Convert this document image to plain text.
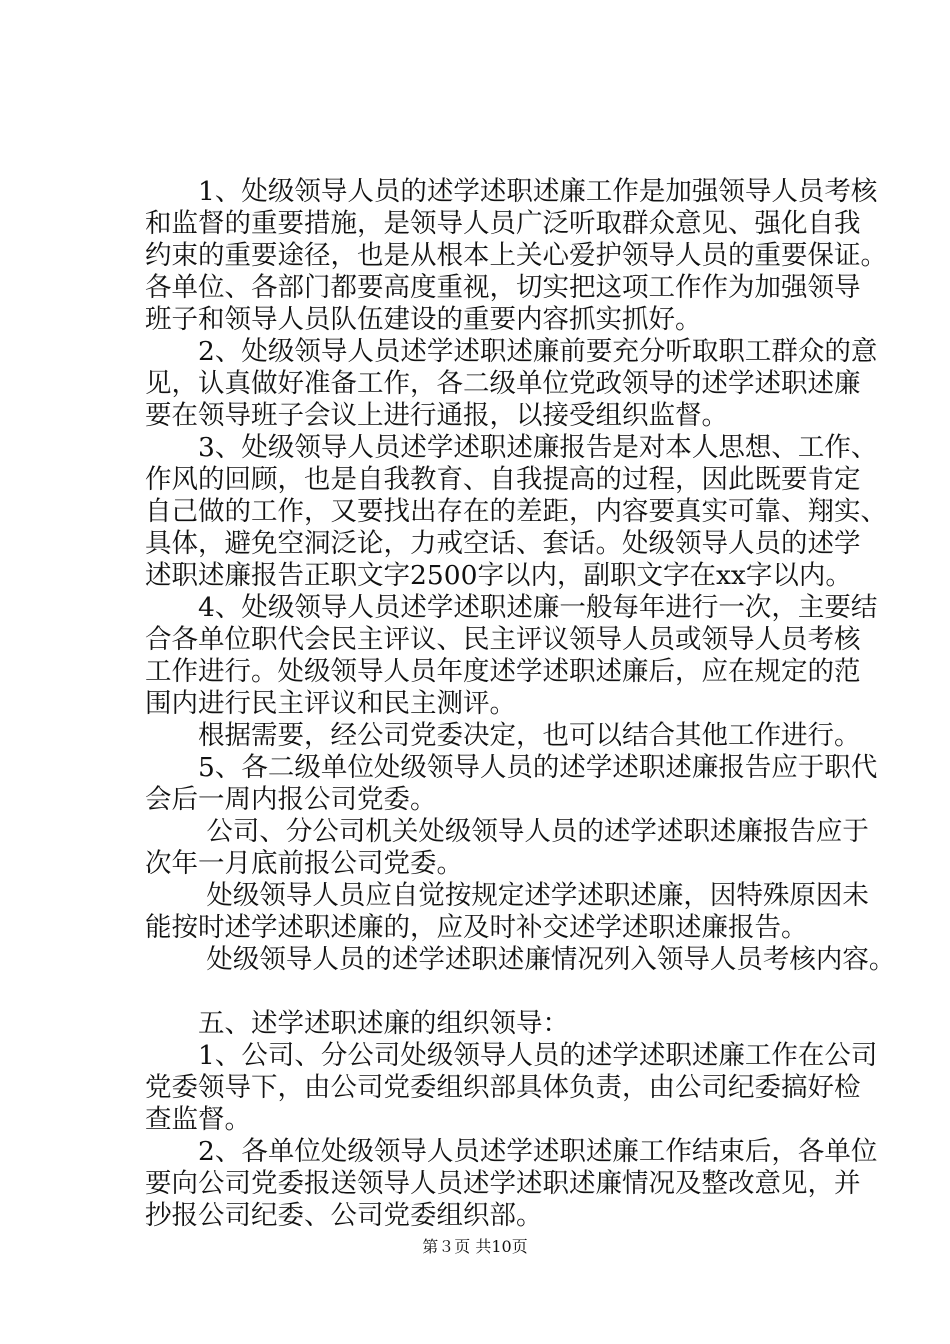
　　1、处级领导人员的述学述职述廉工作是加强领导人员考核
和监督的重要措施，是领导人员广泛听取群众意见、强化自我
约束的重要途径，也是从根本上关心爱护领导人员的重要保证。
各单位、各部门都要高度重视，切实把这项工作作为加强领导
班子和领导人员队伍建设的重要内容抓实抓好。
　　2、处级领导人员述学述职述廉前要充分听取职工群众的意
见，认真做好准备工作，各二级单位党政领导的述学述职述廉
要在领导班子会议上进行通报，以接受组织监督。
　　3、处级领导人员述学述职述廉报告是对本人思想、工作、
作风的回顾，也是自我教育、自我提高的过程，因此既要肯定
自己做的工作，又要找出存在的差距，内容要真实可靠、翔实、
具体，避免空洞泛论，力戒空话、套话。处级领导人员的述学
述职述廉报告正职文字2500字以内，副职文字在xx字以内。
　　4、处级领导人员述学述职述廉一般每年进行一次，主要结
合各单位职代会民主评议、民主评议领导人员或领导人员考核
工作进行。处级领导人员年度述学述职述廉后，应在规定的范
围内进行民主评议和民主测评。
　　根据需要，经公司党委决定，也可以结合其他工作进行。
　　5、各二级单位处级领导人员的述学述职述廉报告应于职代
会后一周内报公司党委。
　　 公司、分公司机关处级领导人员的述学述职述廉报告应于
次年一月底前报公司党委。
　　 处级领导人员应自觉按规定述学述职述廉，因特殊原因未
能按时述学述职述廉的，应及时补交述学述职述廉报告。
　　 处级领导人员的述学述职述廉情况列入领导人员考核内容。
　　五、述学述职述廉的组织领导：
　　1、公司、分公司处级领导人员的述学述职述廉工作在公司
党委领导下，由公司党委组织部具体负责，由公司纪委搞好检
查监督。
　　2、各单位处级领导人员述学述职述廉工作结束后，各单位
要向公司党委报送领导人员述学述职述廉情况及整改意见，并
抄报公司纪委、公司党委组织部。
第３页 共10页
